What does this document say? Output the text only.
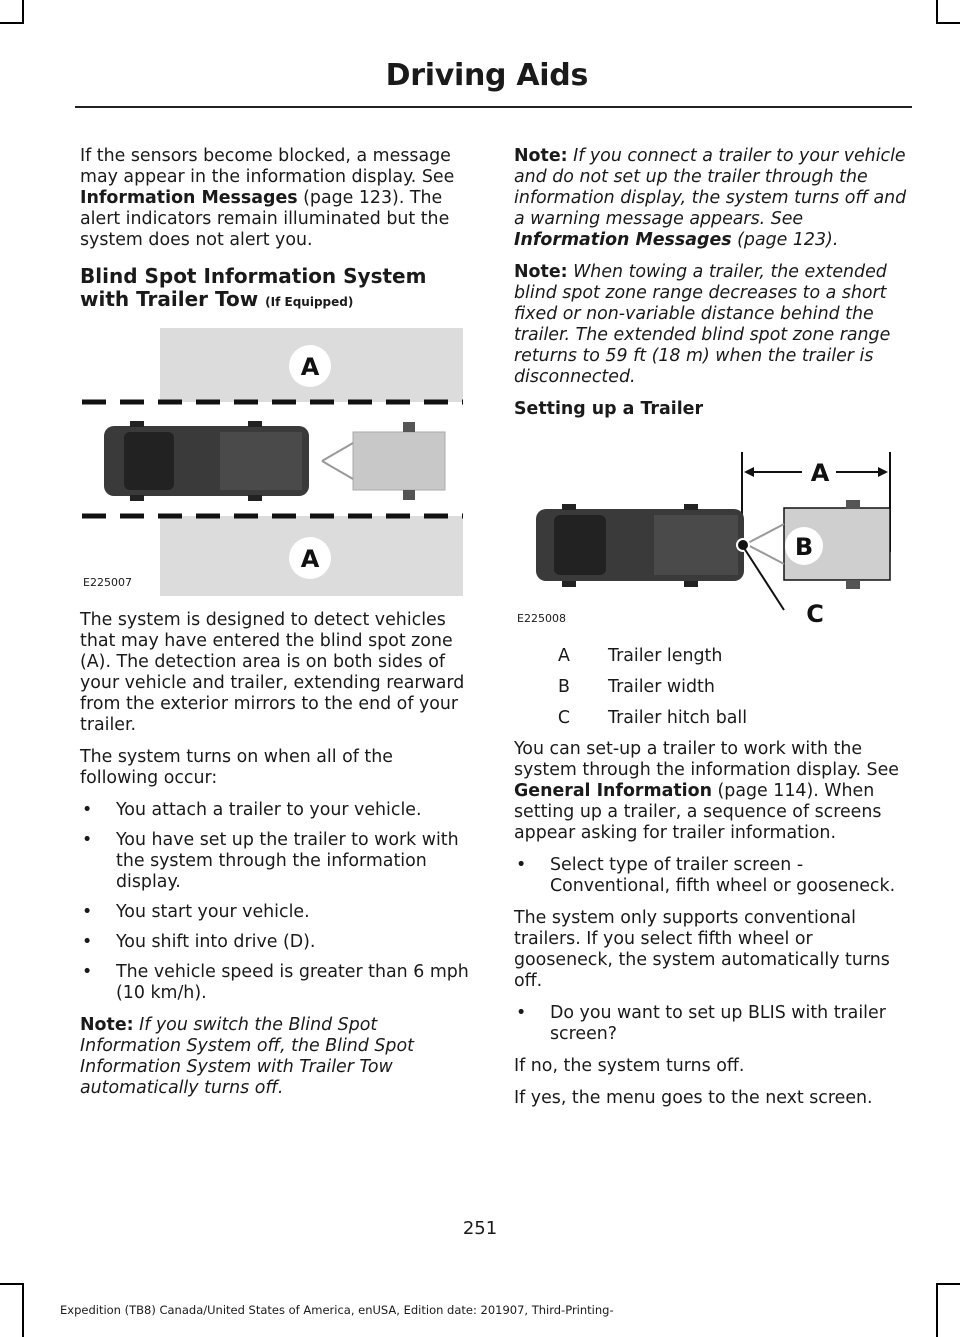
Driving Aids

If the sensors become blocked, a message may appear in the information display. See Information Messages (page 123). The alert indicators remain illuminated but the system does not alert you.

Blind Spot Information System with Trailer Tow (If Equipped)
A
A
E225007

The system is designed to detect vehicles that may have entered the blind spot zone (A). The detection area is on both sides of your vehicle and trailer, extending rearward from the exterior mirrors to the end of your trailer.

The system turns on when all of the following occur:

• You attach a trailer to your vehicle.
• You have set up the trailer to work with the system through the information display.
• You start your vehicle.
• You shift into drive (D).
• The vehicle speed is greater than 6 mph (10 km/h).

Note: If you switch the Blind Spot Information System off, the Blind Spot Information System with Trailer Tow automatically turns off.

Note: If you connect a trailer to your vehicle and do not set up the trailer through the information display, the system turns off and a warning message appears. See Information Messages (page 123).

Note: When towing a trailer, the extended blind spot zone range decreases to a short fixed or non-variable distance behind the trailer. The extended blind spot zone range returns to 59 ft (18 m) when the trailer is disconnected.

Setting up a Trailer
A
B
C
E225008
A	Trailer length
B	Trailer width
C	Trailer hitch ball

You can set-up a trailer to work with the system through the information display. See General Information (page 114). When setting up a trailer, a sequence of screens appear asking for trailer information.

• Select type of trailer screen - Conventional, fifth wheel or gooseneck.

The system only supports conventional trailers. If you select fifth wheel or gooseneck, the system automatically turns off.

• Do you want to set up BLIS with trailer screen?

If no, the system turns off.

If yes, the menu goes to the next screen.

251
Expedition (TB8) Canada/United States of America, enUSA, Edition date: 201907, Third-Printing-
